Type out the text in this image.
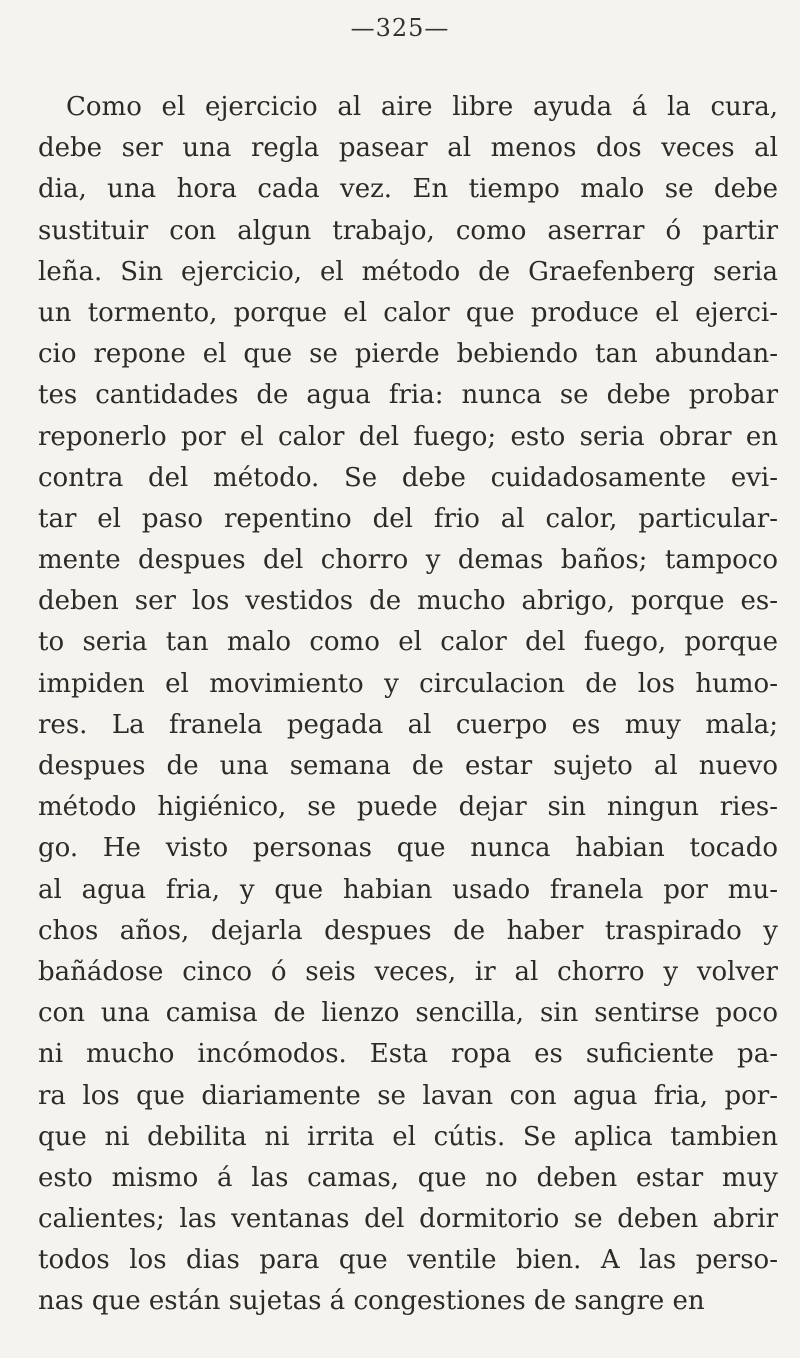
—325—
Como el ejercicio al aire libre ayuda á la cura,
debe ser una regla pasear al menos dos veces al
dia, una hora cada vez. En tiempo malo se debe
sustituir con algun trabajo, como aserrar ó partir
leña. Sin ejercicio, el método de Graefenberg seria
un tormento, porque el calor que produce el ejerci-
cio repone el que se pierde bebiendo tan abundan-
tes cantidades de agua fria: nunca se debe probar
reponerlo por el calor del fuego; esto seria obrar en
contra del método. Se debe cuidadosamente evi-
tar el paso repentino del frio al calor, particular-
mente despues del chorro y demas baños; tampoco
deben ser los vestidos de mucho abrigo, porque es-
to seria tan malo como el calor del fuego, porque
impiden el movimiento y circulacion de los humo-
res. La franela pegada al cuerpo es muy mala;
despues de una semana de estar sujeto al nuevo
método higiénico, se puede dejar sin ningun ries-
go. He visto personas que nunca habian tocado
al agua fria, y que habian usado franela por mu-
chos años, dejarla despues de haber traspirado y
bañádose cinco ó seis veces, ir al chorro y volver
con una camisa de lienzo sencilla, sin sentirse poco
ni mucho incómodos. Esta ropa es suficiente pa-
ra los que diariamente se lavan con agua fria, por-
que ni debilita ni irrita el cútis. Se aplica tambien
esto mismo á las camas, que no deben estar muy
calientes; las ventanas del dormitorio se deben abrir
todos los dias para que ventile bien. A las perso-
nas que están sujetas á congestiones de sangre en
